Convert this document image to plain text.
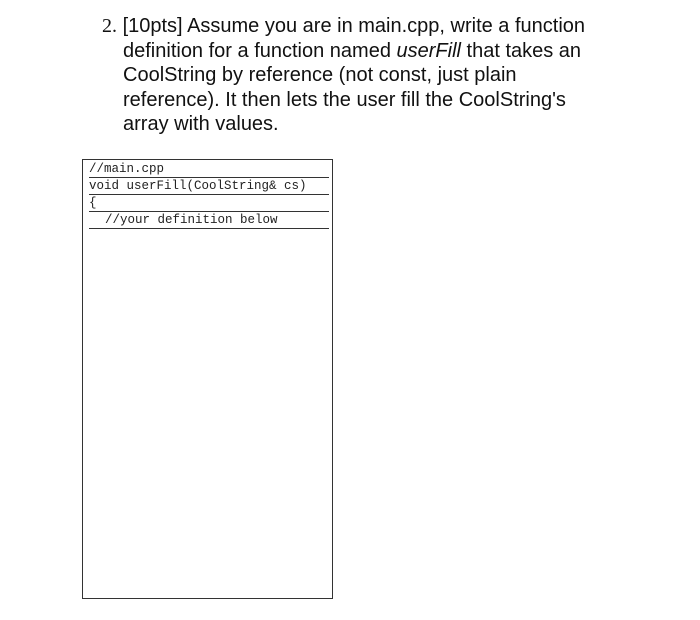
2. [10pts] Assume you are in main.cpp, write a function
definition for a function named userFill that takes an
CoolString by reference (not const, just plain
reference). It then lets the user fill the CoolString's
array with values.
//main.cpp
void userFill(CoolString& cs)
{
//your definition below
